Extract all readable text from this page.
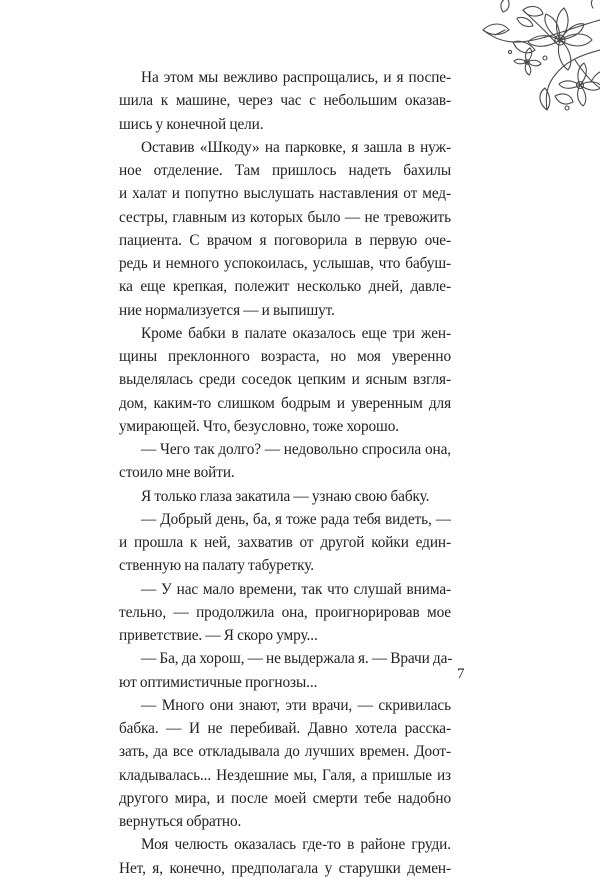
На этом мы вежливо распрощались, и я поспе-

шила к машине, через час с небольшим оказав-

шись у конечной цели.

Оставив «Шкоду» на парковке, я зашла в нуж-

ное отделение. Там пришлось надеть бахилы

и халат и попутно выслушать наставления от мед-

сестры, главным из которых было — не тревожить

пациента. С врачом я поговорила в первую оче-

редь и немного успокоилась, услышав, что бабуш-

ка еще крепкая, полежит несколько дней, давле-

ние нормализуется — и выпишут.

Кроме бабки в палате оказалось еще три жен-

щины преклонного возраста, но моя уверенно

выделялась среди соседок цепким и ясным взгля-

дом, каким-то слишком бодрым и уверенным для

умирающей. Что, безусловно, тоже хорошо.

— Чего так долго? — недовольно спросила она,

стоило мне войти.

Я только глаза закатила — узнаю свою бабку.

— Добрый день, ба, я тоже рада тебя видеть, —

и прошла к ней, захватив от другой койки един-

ственную на палату табуретку.

— У нас мало времени, так что слушай внима-

тельно, — продолжила она, проигнорировав мое

приветствие. — Я скоро умру...

— Ба, да хорош, — не выдержала я. — Врачи да-

ют оптимистичные прогнозы...

— Много они знают, эти врачи, — скривилась

бабка. — И не перебивай. Давно хотела расска-

зать, да все откладывала до лучших времен. Доот-

кладывалась... Нездешние мы, Галя, а пришлые из

другого мира, и после моей смерти тебе надобно

вернуться обратно.

Моя челюсть оказалась где-то в районе груди.

Нет, я, конечно, предполагала у старушки демен-

7
